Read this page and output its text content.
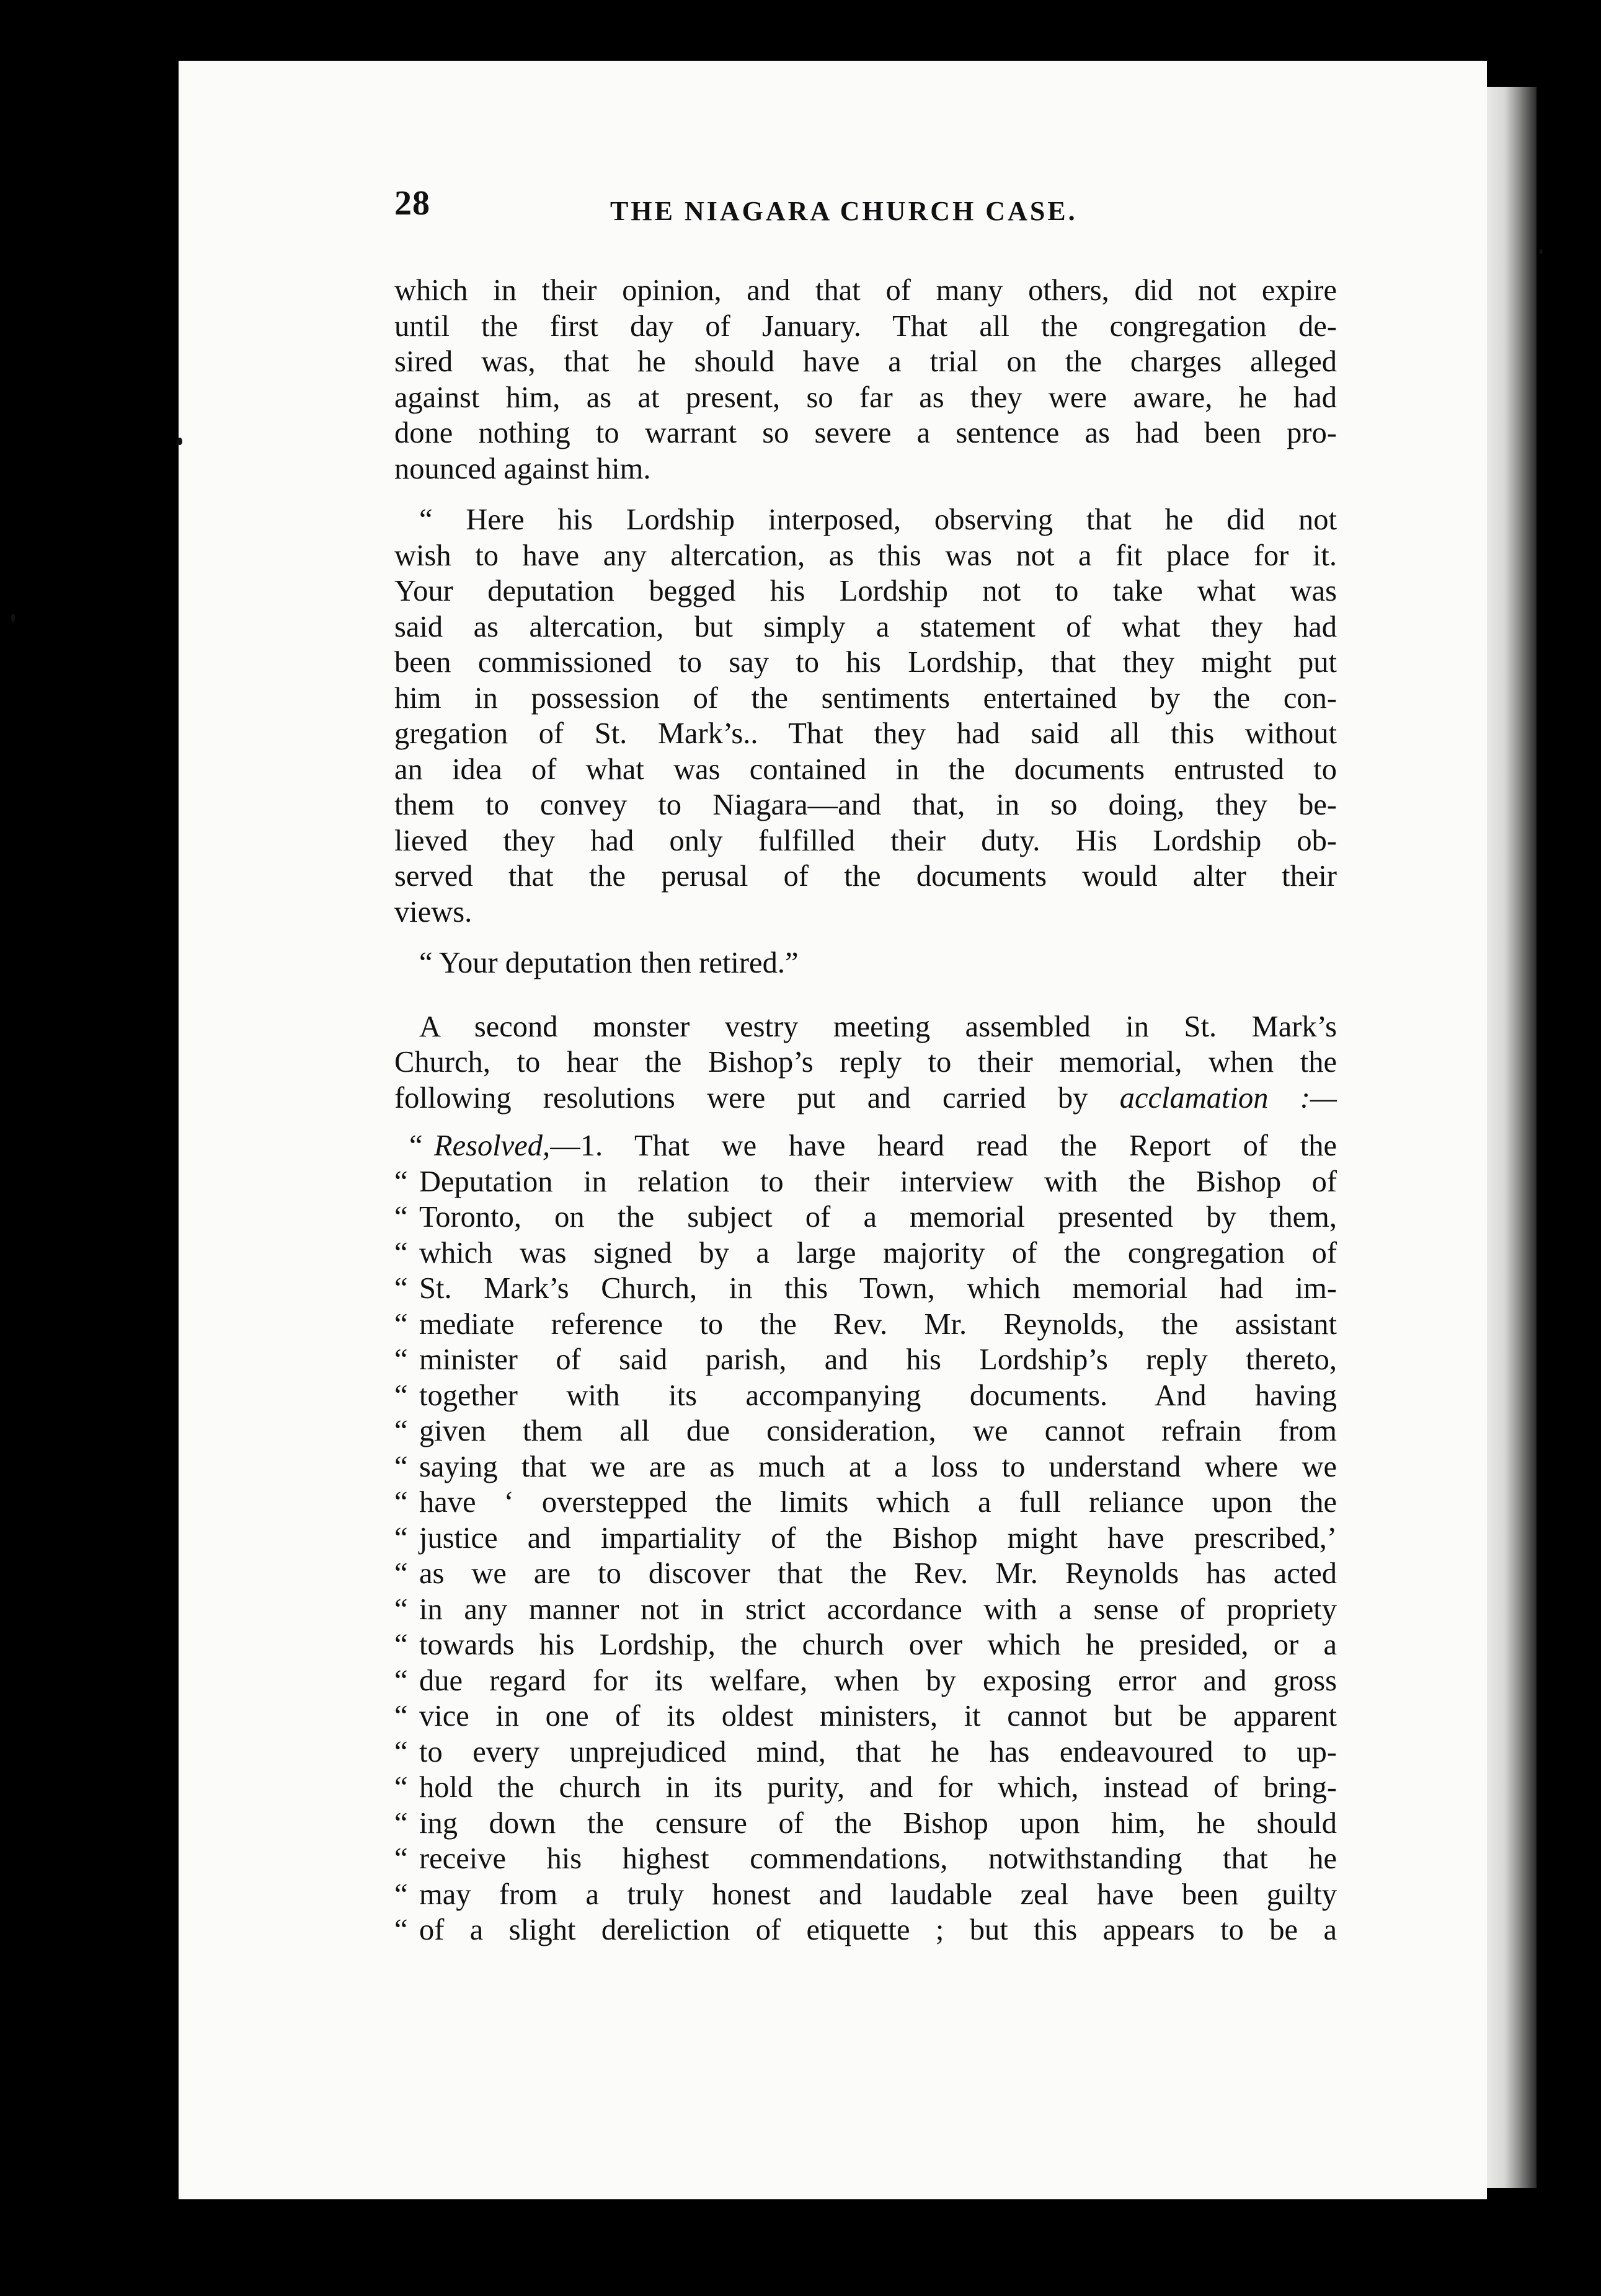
28	THE NIAGARA CHURCH CASE.

which in their opinion, and that of many others, did not expire

until the first day of January. That all the congregation de-

sired was, that he should have a trial on the charges alleged

against him, as at present, so far as they were aware, he had

done nothing to warrant so severe a sentence as had been pro-

nounced against him.

“ Here his Lordship interposed, observing that he did not

wish to have any altercation, as this was not a fit place for it.

Your deputation begged his Lordship not to take what was

said as altercation, but simply a statement of what they had

been commissioned to say to his Lordship, that they might put

him in possession of the sentiments entertained by the con-

gregation of St. Mark’s.. That they had said all this without

an idea of what was contained in the documents entrusted to

them to convey to Niagara—and that, in so doing, they be-

lieved they had only fulfilled their duty. His Lordship ob-

served that the perusal of the documents would alter their

views.

“ Your deputation then retired.”

A second monster vestry meeting assembled in St. Mark’s

Church, to hear the Bishop’s reply to their memorial, when the

following resolutions were put and carried by acclamation :—

“ Resolved,—1. That we have heard read the Report of the

“ Deputation in relation to their interview with the Bishop of

“ Toronto, on the subject of a memorial presented by them,

“ which was signed by a large majority of the congregation of

“ St. Mark’s Church, in this Town, which memorial had im-

“ mediate reference to the Rev. Mr. Reynolds, the assistant

“ minister of said parish, and his Lordship’s reply thereto,

“ together with its accompanying documents. And having

“ given them all due consideration, we cannot refrain from

“ saying that we are as much at a loss to understand where we

“ have ‘ overstepped the limits which a full reliance upon the

“ justice and impartiality of the Bishop might have prescribed,’

“ as we are to discover that the Rev. Mr. Reynolds has acted

“ in any manner not in strict accordance with a sense of propriety

“ towards his Lordship, the church over which he presided, or a

“ due regard for its welfare, when by exposing error and gross

“ vice in one of its oldest ministers, it cannot but be apparent

“ to every unprejudiced mind, that he has endeavoured to up-

“ hold the church in its purity, and for which, instead of bring-

“ ing down the censure of the Bishop upon him, he should

“ receive his highest commendations, notwithstanding that he

“ may from a truly honest and laudable zeal have been guilty

“ of a slight dereliction of etiquette ; but this appears to be a
